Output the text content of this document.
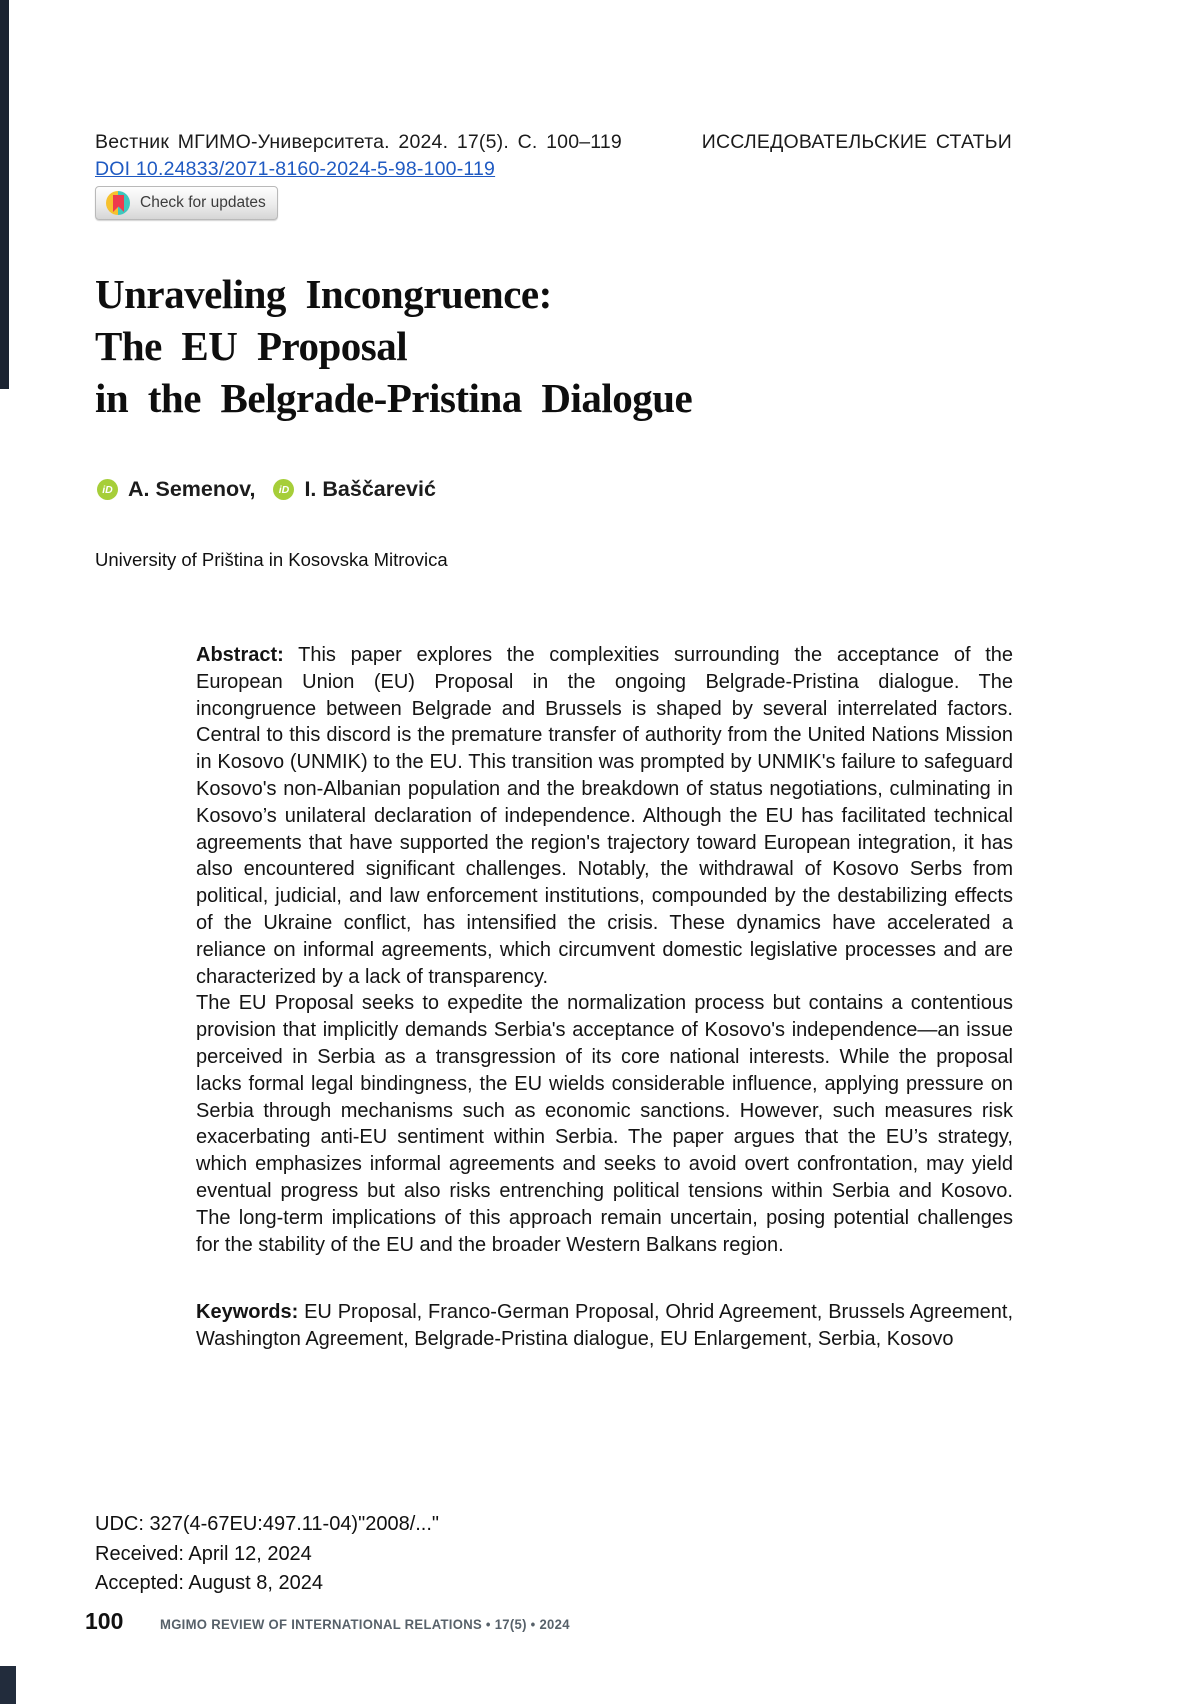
Вестник МГИМО-Университета. 2024. 17(5). С. 100–119	ИССЛЕДОВАТЕЛЬСКИЕ СТАТЬИ
DOI 10.24833/2071-8160-2024-5-98-100-119
Check for updates
Unraveling Incongruence:
The EU Proposal
in the Belgrade-Pristina Dialogue
iD A. Semenov,	iD I. Baščarević
University of Priština in Kosovska Mitrovica

Abstract: This paper explores the complexities surrounding the acceptance of the European Union (EU) Proposal in the ongoing Belgrade-Pristina dialogue. The incongruence between Belgrade and Brussels is shaped by several interrelated factors. Central to this discord is the premature transfer of authority from the United Nations Mission in Kosovo (UNMIK) to the EU. This transition was prompted by UNMIK's failure to safeguard Kosovo's non-Albanian population and the breakdown of status negotiations, culminating in Kosovo’s unilateral declaration of independence. Although the EU has facilitated technical agreements that have supported the region's trajectory toward European integration, it has also encountered significant challenges. Notably, the withdrawal of Kosovo Serbs from political, judicial, and law enforcement institutions, compounded by the destabilizing effects of the Ukraine conflict, has intensified the crisis. These dynamics have accelerated a reliance on informal agreements, which circumvent domestic legislative processes and are characterized by a lack of transparency.

The EU Proposal seeks to expedite the normalization process but contains a contentious provision that implicitly demands Serbia's acceptance of Kosovo's independence—an issue perceived in Serbia as a transgression of its core national interests. While the proposal lacks formal legal bindingness, the EU wields considerable influence, applying pressure on Serbia through mechanisms such as economic sanctions. However, such measures risk exacerbating anti-EU sentiment within Serbia. The paper argues that the EU’s strategy, which emphasizes informal agreements and seeks to avoid overt confrontation, may yield eventual progress but also risks entrenching political tensions within Serbia and Kosovo. The long-term implications of this approach remain uncertain, posing potential challenges for the stability of the EU and the broader Western Balkans region.

Keywords: EU Proposal, Franco-German Proposal, Ohrid Agreement, Brussels Agreement, Washington Agreement, Belgrade-Pristina dialogue, EU Enlargement, Serbia, Kosovo
UDC: 327(4-67EU:497.11-04)"2008/..."
Received: April 12, 2024
Accepted: August 8, 2024
100	MGIMO REVIEW OF INTERNATIONAL RELATIONS • 17(5) • 2024
